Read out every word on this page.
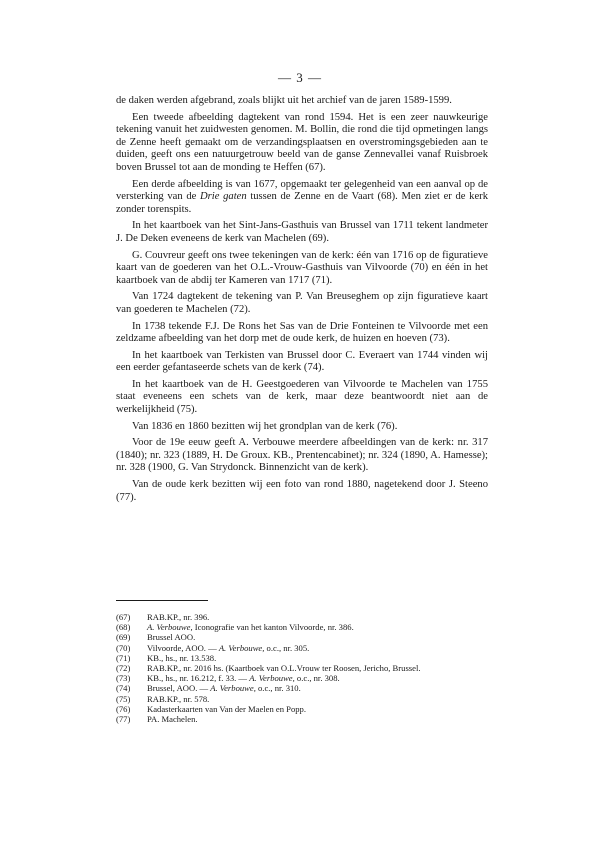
— 3 —

de daken werden afgebrand, zoals blijkt uit het archief van de jaren 1589-1599.

Een tweede afbeelding dagtekent van rond 1594. Het is een zeer nauwkeurige tekening vanuit het zuidwesten genomen. M. Bollin, die rond die tijd opmetingen langs de Zenne heeft gemaakt om de verzandingsplaatsen en overstromingsgebieden aan te duiden, geeft ons een natuurgetrouw beeld van de ganse Zennevallei vanaf Ruisbroek boven Brussel tot aan de monding te Heffen (67).

Een derde afbeelding is van 1677, opgemaakt ter gelegenheid van een aanval op de versterking van de Drie gaten tussen de Zenne en de Vaart (68). Men ziet er de kerk zonder torenspits.

In het kaartboek van het Sint-Jans-Gasthuis van Brussel van 1711 tekent landmeter J. De Deken eveneens de kerk van Machelen (69).

G. Couvreur geeft ons twee tekeningen van de kerk: één van 1716 op de figuratieve kaart van de goederen van het O.L.-Vrouw-Gasthuis van Vilvoorde (70) en één in het kaartboek van de abdij ter Kameren van 1717 (71).

Van 1724 dagtekent de tekening van P. Van Breuseghem op zijn figuratieve kaart van goederen te Machelen (72).

In 1738 tekende F.J. De Rons het Sas van de Drie Fonteinen te Vilvoorde met een zeldzame afbeelding van het dorp met de oude kerk, de huizen en hoeven (73).

In het kaartboek van Terkisten van Brussel door C. Everaert van 1744 vinden wij een eerder gefantaseerde schets van de kerk (74).

In het kaartboek van de H. Geestgoederen van Vilvoorde te Machelen van 1755 staat eveneens een schets van de kerk, maar deze beantwoordt niet aan de werkelijkheid (75).

Van 1836 en 1860 bezitten wij het grondplan van de kerk (76).

Voor de 19e eeuw geeft A. Verbouwe meerdere afbeeldingen van de kerk: nr. 317 (1840); nr. 323 (1889, H. De Groux. KB., Prentencabinet); nr. 324 (1890, A. Hamesse); nr. 328 (1900, G. Van Strydonck. Binnenzicht van de kerk).

Van de oude kerk bezitten wij een foto van rond 1880, nagetekend door J. Steeno (77).

(67)	RAB.KP., nr. 396.
(68)	A. Verbouwe, Iconografie van het kanton Vilvoorde, nr. 386.
(69)	Brussel AOO.
(70)	Vilvoorde, AOO. — A. Verbouwe, o.c., nr. 305.
(71)	KB., hs., nr. 13.538.
(72)	RAB.KP., nr. 2016 hs. (Kaartboek van O.L.Vrouw ter Roosen, Jericho, Brussel.
(73)	KB., hs., nr. 16.212, f. 33. — A. Verbouwe, o.c., nr. 308.
(74)	Brussel, AOO. — A. Verbouwe, o.c., nr. 310.
(75)	RAB.KP., nr. 578.
(76)	Kadasterkaarten van Van der Maelen en Popp.
(77)	PA. Machelen.
